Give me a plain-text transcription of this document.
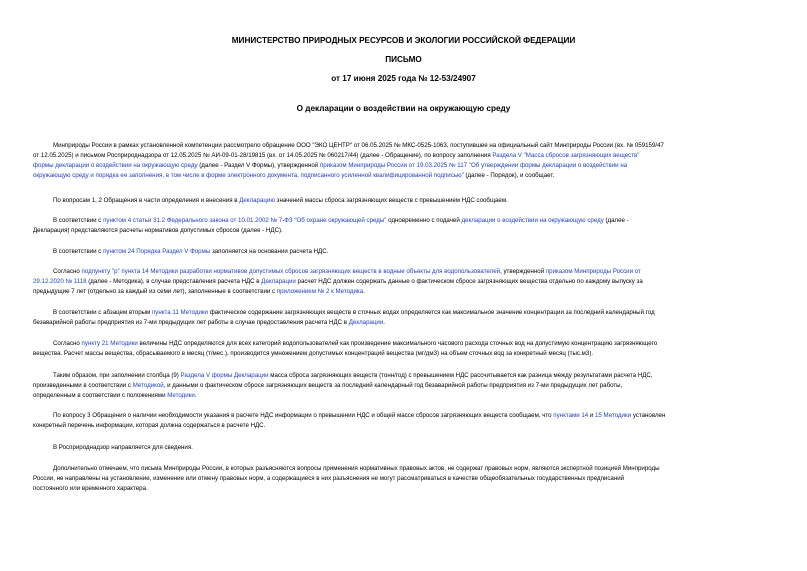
МИНИСТЕРСТВО ПРИРОДНЫХ РЕСУРСОВ И ЭКОЛОГИИ РОССИЙСКОЙ ФЕДЕРАЦИИ
ПИСЬМО
от 17 июня 2025 года № 12-53/24907
О декларации о воздействии на окружающую среду
Минприроды России в рамках установленной компетенции рассмотрело обращение ООО "ЭКО ЦЕНТР" от 06.05.2025 № МКС-0525-1063, поступившее на официальный сайт Минприроды России (вх. № 059159/47
от 12.05.2025) и письмом Росприроднадзора от 12.05.2025 № АИ-09-01-28/19815 (вх. от 14.05.2025 № 060217/44) (далее - Обращение), по вопросу заполнения Раздела V "Масса сбросов загрязняющих веществ"
формы декларации о воздействии на окружающую среду (далее - Раздел V Формы), утвержденной приказом Минприроды России от 19.03.2025 № 117 "Об утверждении формы декларации о воздействии на
окружающую среду и порядка ее заполнения, в том числе в форме электронного документа, подписанного усиленной квалифицированной подписью" (далее - Порядок), и сообщает.
По вопросам 1, 2 Обращения в части определения и внесения в Декларацию значений массы сброса загрязняющих веществ с превышением НДС сообщаем.
В соответствии с пунктом 4 статьи 31.2 Федерального закона от 10.01.2002 № 7-ФЗ "Об охране окружающей среды" одновременно с подачей декларации о воздействии на окружающую среду (далее -
Декларация) представляются расчеты нормативов допустимых сбросов (далее - НДС).
В соответствии с пунктом 24 Порядка Раздел V Формы заполняется на основании расчета НДС.
Согласно подпункту "р" пункта 14 Методики разработки нормативов допустимых сбросов загрязняющих веществ в водные объекты для водопользователей, утвержденной приказом Минприроды России от
29.12.2020 № 1118 (далее - Методика), в случае представления расчета НДС в Декларации расчет НДС должен содержать данные о фактическом сбросе загрязняющих вещества отдельно по каждому выпуску за
предыдущие 7 лет (отдельно за каждый из семи лет), заполненные в соответствии с приложением № 2 к Методика.
В соответствии с абзацем вторым пункта 11 Методики фактическое содержание загрязняющих веществ в сточных водах определяется как максимальное значение концентрации за последний календарный год
безаварийной работы предприятия из 7-ми предыдущих лет работы в случае предоставления расчета НДС в Декларации.
Согласно пункту 21 Методики величины НДС определяются для всех категорий водопользователей как произведение максимального часового расхода сточных вод на допустимую концентрацию загрязняющего
вещества. Расчет массы вещества, сбрасываемого в месяц (т/мес.), производится умножением допустимых концентраций вещества (мг/дм3) на объем сточных вод за конкретный месяц (тыс.м3).
Таким образом, при заполнении столбца (9) Раздела V формы Декларации масса сброса загрязняющих веществ (тонн/год) с превышением НДС рассчитывается как разница между результатами расчета НДС,
произведенными в соответствии с Методикой, и данными о фактическом сбросе загрязняющих веществ за последний календарный год безаварийной работы предприятия из 7-ми предыдущих лет работы,
определенным в соответствии с положениями Методики.
По вопросу 3 Обращения о наличии необходимости указания в расчете НДС информации о превышении НДС и общей массе сбросов загрязняющих веществ сообщаем, что пунктами 14 и 15 Методики установлен
конкретный перечень информации, которая должна содержаться в расчете НДС.
В Росприроднадзор направляется для сведения.
Дополнительно отмечаем, что письма Минприроды России, в которых разъясняются вопросы применения нормативных правовых актов, не содержат правовых норм, являются экспертной позицией Минприроды
России, не направлены на установление, изменение или отмену правовых норм, а содержащиеся в них разъяснения не могут рассматриваться в качестве общеобязательных государственных предписаний
постоянного или временного характера.
